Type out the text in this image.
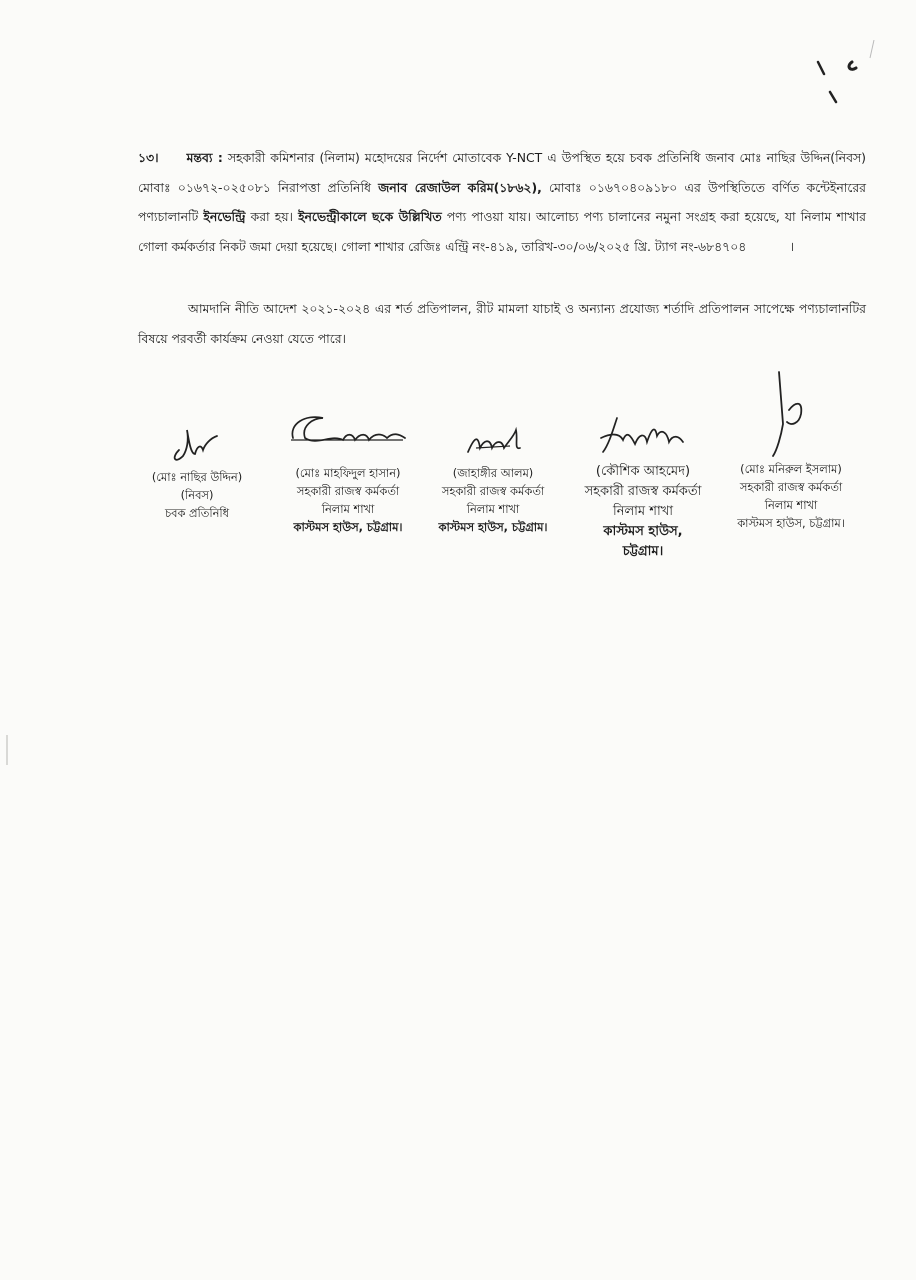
১৩। মন্তব্য : সহকারী কমিশনার (নিলাম) মহোদয়ের নির্দেশ মোতাবেক Y-NCT এ উপস্থিত হয়ে চবক প্রতিনিধি জনাব মোঃ নাছির উদ্দিন(নিবস) মোবাঃ ০১৬৭২-০২৫০৮১ নিরাপত্তা প্রতিনিধি জনাব রেজাউল করিম(১৮৬২), মোবাঃ ০১৬৭০৪০৯১৮০ এর উপস্থিতিতে বর্ণিত কন্টেইনারের পণ্যচালানটি ইনভেন্ট্রি করা হয়। ইনভেন্ট্রীকালে ছকে উল্লিখিত পণ্য পাওয়া যায়। আলোচ্য পণ্য চালানের নমুনা সংগ্রহ করা হয়েছে, যা নিলাম শাখার গোলা কর্মকর্তার নিকট জমা দেয়া হয়েছে। গোলা শাখার রেজিঃ এন্ট্রি নং-৪১৯, তারিখ-৩০/০৬/২০২৫ খ্রি. ট্যাগ নং-৬৮৪৭০৪	।
আমদানি নীতি আদেশ ২০২১-২০২৪ এর শর্ত প্রতিপালন, রীট মামলা যাচাই ও অন্যান্য প্রযোজ্য শর্তাদি প্রতিপালন সাপেক্ষে পণ্যচালানটির বিষয়ে পরবর্তী কার্যক্রম নেওয়া যেতে পারে।
(মোঃ নাছির উদ্দিন)
(নিবস)
চবক প্রতিনিধি
(মোঃ মাহফিদুল হাসান)
সহকারী রাজস্ব কর্মকর্তা
নিলাম শাখা
কাস্টমস হাউস, চট্টগ্রাম।
(জাহাঙ্গীর আলম)
সহকারী রাজস্ব কর্মকর্তা
নিলাম শাখা
কাস্টমস হাউস, চট্টগ্রাম।
(কৌশিক আহমেদ)
সহকারী রাজস্ব কর্মকর্তা
নিলাম শাখা
কাস্টমস হাউস,
চট্টগ্রাম।
(মোঃ মনিরুল ইসলাম)
সহকারী রাজস্ব কর্মকর্তা
নিলাম শাখা
কাস্টমস হাউস, চট্টগ্রাম।
